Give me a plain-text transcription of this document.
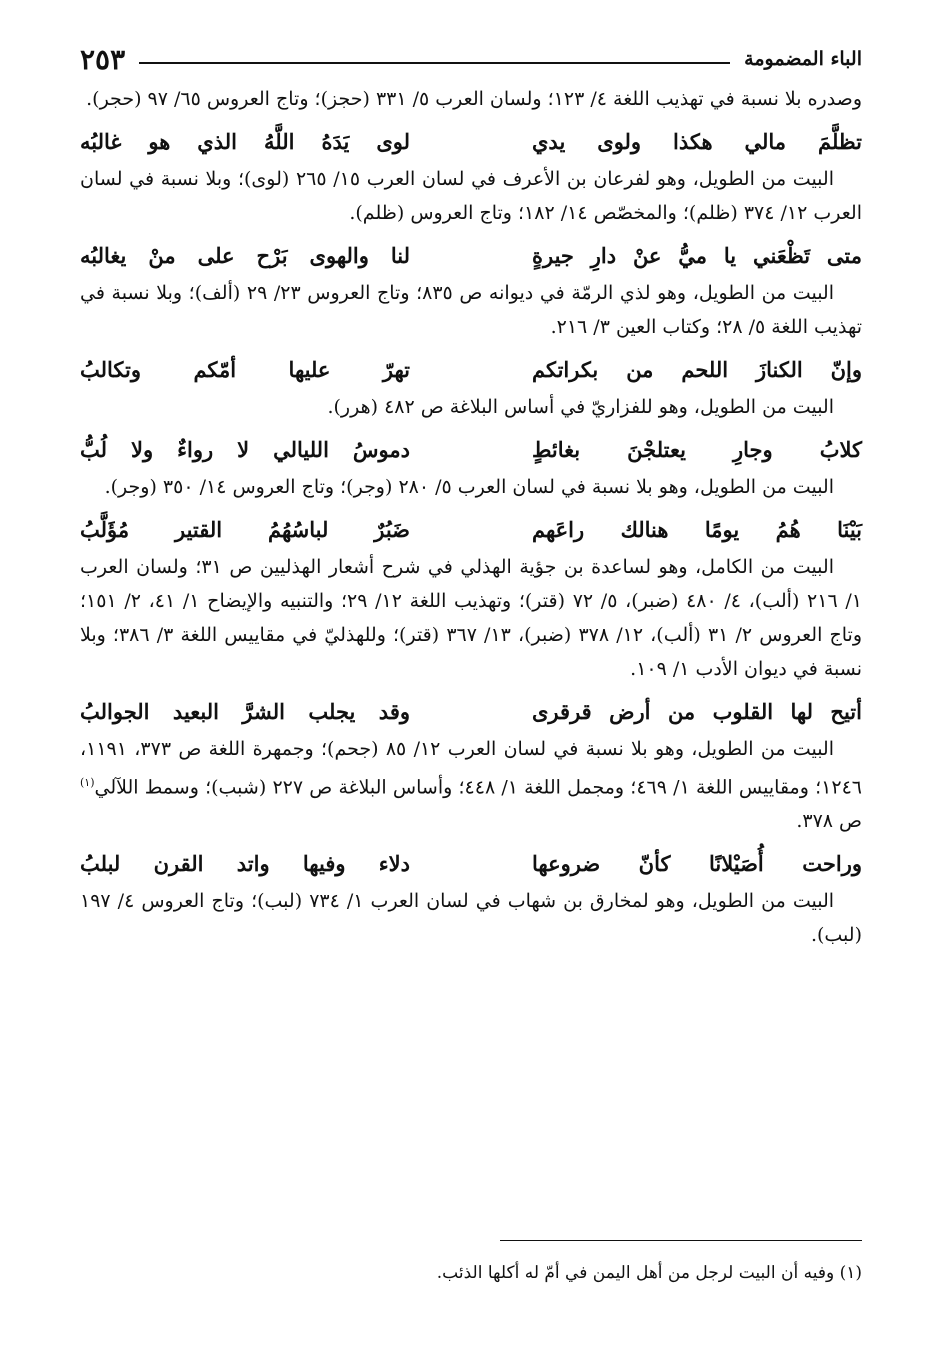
الباء المضمومة
٢٥٣

وصدره بلا نسبة في تهذيب اللغة ٤/ ١٢٣؛ ولسان العرب ٥/ ٣٣١ (حجز)؛ وتاج العروس ٦٥/ ٩٧ (حجر).

تظلَّمَ مالي هكذا ولوى يدي
لوى يَدَهُ اللَّهُ الذي هو غالبُه

البيت من الطويل، وهو لفرعان بن الأعرف في لسان العرب ١٥/ ٢٦٥ (لوى)؛ وبلا نسبة في لسان العرب ١٢/ ٣٧٤ (ظلم)؛ والمخصّص ١٤/ ١٨٢؛ وتاج العروس (ظلم).

متى تَظْعَني يا ميُّ عنْ دارِ جيرةٍ
لنا والهوى بَرْح على منْ يغالبُه

البيت من الطويل، وهو لذي الرمّة في ديوانه ص ٨٣٥؛ وتاج العروس ٢٣/ ٢٩ (ألف)؛ وبلا نسبة في تهذيب اللغة ٥/ ٢٨؛ وكتاب العين ٣/ ٢١٦.

وإنّ الكنازَ اللحم من بكراتكم
تهرّ عليها أمّكم وتكالبُ

البيت من الطويل، وهو للفزاريّ في أساس البلاغة ص ٤٨٢ (هرر).

كلابُ وجارِ يعتلجْنَ بغائطٍ
دموسُ الليالي لا رواءٌ ولا لُبُّ

البيت من الطويل، وهو بلا نسبة في لسان العرب ٥/ ٢٨٠ (وجر)؛ وتاج العروس ١٤/ ٣٥٠ (وجر).

بَيْنَا هُمُ يومًا هنالك راعَهم
ضَبُرٌ لباسُهُمُ القتير مُؤَلَّبُ

البيت من الكامل، وهو لساعدة بن جؤية الهذلي في شرح أشعار الهذليين ص ٣١؛ ولسان العرب ١/ ٢١٦ (ألب)، ٤/ ٤٨٠ (ضبر)، ٥/ ٧٢ (قتر)؛ وتهذيب اللغة ١٢/ ٢٩؛ والتنبيه والإيضاح ١/ ٤١، ٢/ ١٥١؛ وتاج العروس ٢/ ٣١ (ألب)، ١٢/ ٣٧٨ (ضبر)، ١٣/ ٣٦٧ (قتر)؛ وللهذليّ في مقاييس اللغة ٣/ ٣٨٦؛ وبلا نسبة في ديوان الأدب ١/ ١٠٩.

أتيح لها القلوب من أرض قرقرى
وقد يجلب الشرَّ البعيد الجوالبُ

البيت من الطويل، وهو بلا نسبة في لسان العرب ١٢/ ٨٥ (جحم)؛ وجمهرة اللغة ص ٣٧٣، ١١٩١، ١٢٤٦؛ ومقاييس اللغة ١/ ٤٦٩؛ ومجمل اللغة ١/ ٤٤٨؛ وأساس البلاغة ص ٢٢٧ (شبب)؛ وسمط اللآلي$^{(١)}$ ص ٣٧٨.

وراحت أُصَيْلانًا كأنّ ضروعها
دلاء وفيها واتد القرن لبلبُ

البيت من الطويل، وهو لمخارق بن شهاب في لسان العرب ١/ ٧٣٤ (لبب)؛ وتاج العروس ٤/ ١٩٧ (لبب).

(١) وفيه أن البيت لرجل من أهل اليمن في أمّ له أكلها الذئب.
